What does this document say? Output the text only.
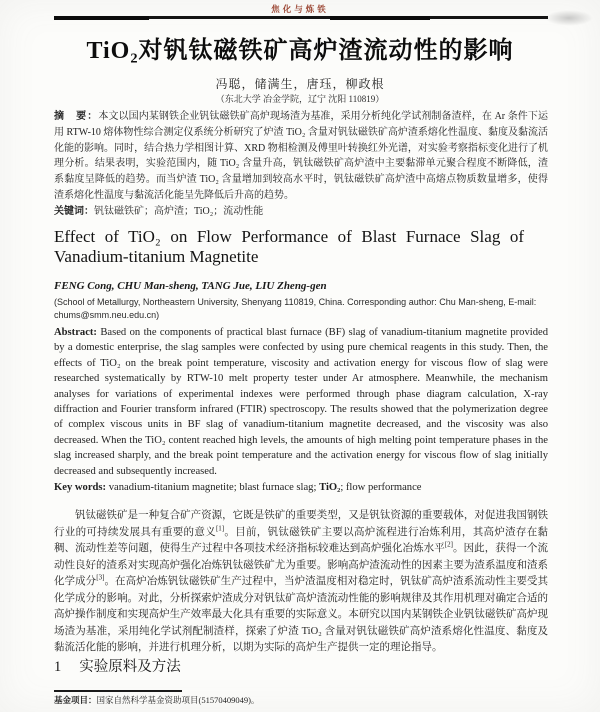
焦化与炼铁
TiO₂对钒钛磁铁矿高炉渣流动性的影响
冯聪，储满生，唐珏，柳政根
（东北大学 冶金学院，辽宁 沈阳 110819）

摘　要：本文以国内某钢铁企业钒钛磁铁矿高炉现场渣为基准，采用分析纯化学试剂制备渣样，在 Ar 条件下运用 RTW-10 熔体物性综合测定仪系统分析研究了炉渣 TiO₂ 含量对钒钛磁铁矿高炉渣系熔化性温度、黏度及黏流活化能的影响。同时，结合热力学相图计算、XRD 物相检测及傅里叶转换红外光谱，对实验考察指标变化进行了机理分析。结果表明，实验范围内，随 TiO₂ 含量升高，钒钛磁铁矿高炉渣中主要黏滞单元聚合程度不断降低，渣系黏度呈降低的趋势。而当炉渣 TiO₂ 含量增加到较高水平时，钒钛磁铁矿高炉渣中高熔点物质数量增多，使得渣系熔化性温度与黏流活化能呈先降低后升高的趋势。

关键词：钒钛磁铁矿；高炉渣；TiO₂；流动性能

Effect of TiO₂ on Flow Performance of Blast Furnace Slag of Vanadium-titanium Magnetite
FENG Cong, CHU Man-sheng, TANG Jue, LIU Zheng-gen
(School of Metallurgy, Northeastern University, Shenyang 110819, China. Corresponding author: Chu Man-sheng, E-mail: chums@smm.neu.edu.cn)

Abstract: Based on the components of practical blast furnace (BF) slag of vanadium-titanium magnetite provided by a domestic enterprise, the slag samples were confected by using pure chemical reagents in this study. Then, the effects of TiO₂ on the break point temperature, viscosity and activation energy for viscous flow of slag were researched systematically by RTW-10 melt property tester under Ar atmosphere. Meanwhile, the mechanism analyses for variations of experimental indexes were performed through phase diagram calculation, X-ray diffraction and Fourier transform infrared (FTIR) spectroscopy. The results showed that the polymerization degree of complex viscous units in BF slag of vanadium-titanium magnetite decreased, and the viscosity was also decreased. When the TiO₂ content reached high levels, the amounts of high melting point temperature phases in the slag increased sharply, and the break point temperature and the activation energy for viscous flow of slag initially decreased and subsequently increased.

Key words: vanadium-titanium magnetite; blast furnace slag; TiO₂; flow performance

钒钛磁铁矿是一种复合矿产资源，它既是铁矿的重要类型，又是钒钛资源的重要载体，对促进我国钢铁行业的可持续发展具有重要的意义[1]。目前，钒钛磁铁矿主要以高炉流程进行冶炼利用，其高炉渣存在黏稠、流动性差等问题，使得生产过程中各项技术经济指标较难达到高炉强化冶炼水平[2]。因此，获得一个流动性良好的渣系对实现高炉强化冶炼钒钛磁铁矿尤为重要。影响高炉渣流动性的因素主要为渣系温度和渣系化学成分[3]。在高炉冶炼钒钛磁铁矿生产过程中，当炉渣温度相对稳定时，钒钛矿高炉渣系流动性主要受其化学成分的影响。对此，分析探索炉渣成分对钒钛矿高炉渣流动性能的影响规律及其作用机理对确定合适的高炉操作制度和实现高炉生产效率最大化具有重要的实际意义。本研究以国内某钢铁企业钒钛磁铁矿高炉现场渣为基准，采用纯化学试剂配制渣样，探索了炉渣 TiO₂ 含量对钒钛磁铁矿高炉渣系熔化性温度、黏度及黏流活化能的影响，并进行机理分析，以期为实际的高炉生产提供一定的理论指导。

1 实验原料及方法

基金项目：国家自然科学基金资助项目(51570409049)。
